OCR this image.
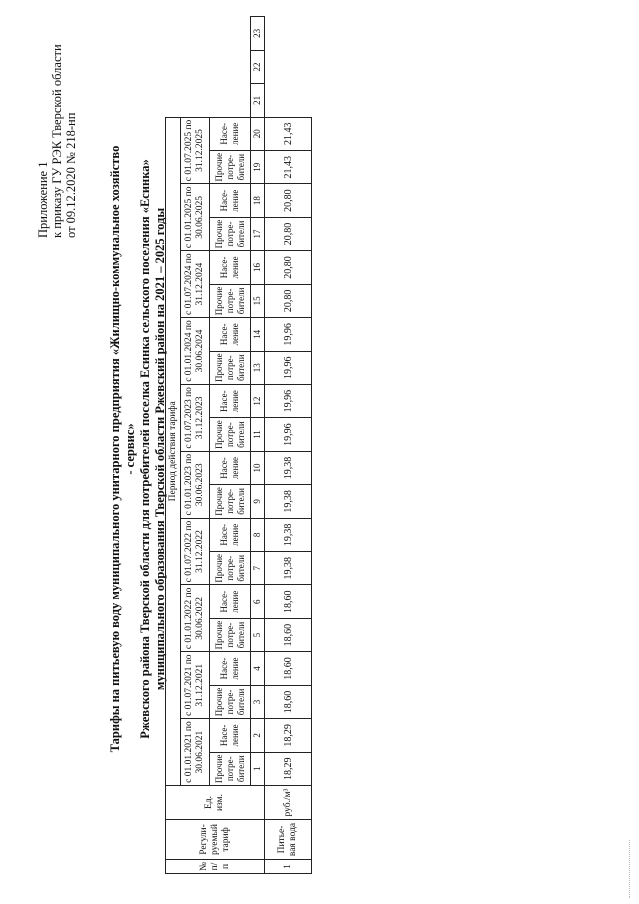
Приложение 1 к приказу ГУ РЭК Тверской области от 09.12.2020 № 218-нп Тарифы на питьевую воду муниципального унитарного предприятия «Жилищно-коммунальное хозяйство - сервис» Ржевского района Тверской области для потребителей поселка Есинка сельского поселения «Есинка» муниципального образования Тверской области Ржевский район на 2021 – 2025 годы
№ п/п	Регули-руемый тариф	Ед. изм.	Период действия тарифа																						
			с 01.01.2021 по 30.06.2021		с 01.07.2021 по 31.12.2021		с 01.01.2022 по 30.06.2022		с 01.07.2022 по 31.12.2022		с 01.01.2023 по 30.06.2023		с 01.07.2023 по 31.12.2023		с 01.01.2024 по 30.06.2024		с 01.07.2024 по 31.12.2024		с 01.01.2025 по 30.06.2025		с 01.07.2025 по 31.12.2025				
			Прочие потре-бители	Насе-ление	Прочие потре-бители	Насе-ление	Прочие потре-бители	Насе-ление	Прочие потре-бители	Насе-ление	Прочие потре-бители	Насе-ление	Прочие потре-бители	Насе-ление	Прочие потре-бители	Насе-ление	Прочие потре-бители	Насе-ление	Прочие потре-бители	Насе-ление	Прочие потре-бители	Насе-ление			
			1	2	3	4	5	6	7	8	9	10	11	12	13	14	15	16	17	18	19	20	21	22	23
1	Питье-вая вода	руб./м³	18,29	18,29	18,60	18,60	18,60	18,60	19,38	19,38	19,38	19,38	19,96	19,96	19,96	19,96	20,80	20,80	20,80	20,80	21,43	21,43			
